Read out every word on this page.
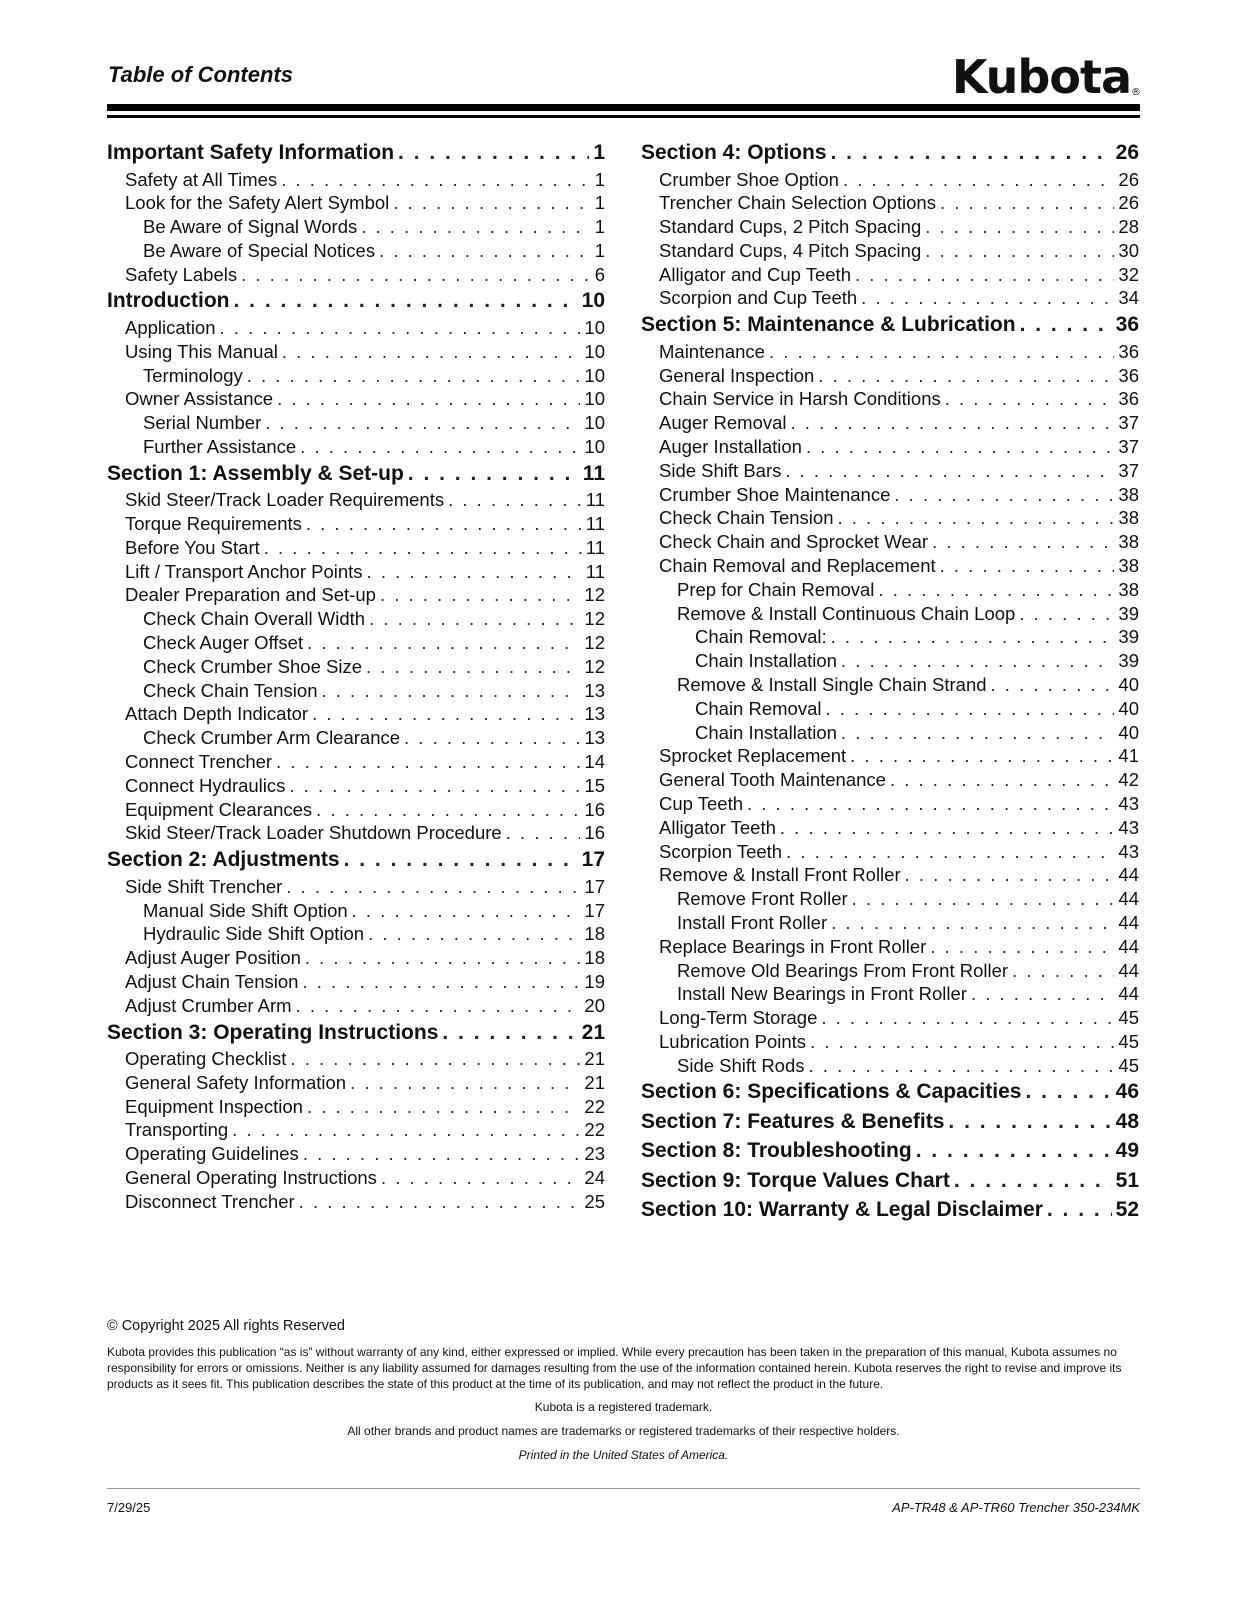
Table of Contents	Kubota®
Important Safety Information . . .	1
Safety at All Times . . .	1
Look for the Safety Alert Symbol . . .	1
Be Aware of Signal Words . . .	1
Be Aware of Special Notices . . .	1
Safety Labels . . .	6
Introduction . . .	10
Application . . .	10
Using This Manual . . .	10
Terminology . . .	10
Owner Assistance . . .	10
Serial Number . . .	10
Further Assistance . . .	10
Section 1: Assembly & Set-up . . .	11
Skid Steer/Track Loader Requirements . . .	11
Torque Requirements . . .	11
Before You Start . . .	11
Lift / Transport Anchor Points . . .	11
Dealer Preparation and Set-up . . .	12
Check Chain Overall Width . . .	12
Check Auger Offset . . .	12
Check Crumber Shoe Size . . .	12
Check Chain Tension . . .	13
Attach Depth Indicator . . .	13
Check Crumber Arm Clearance . . .	13
Connect Trencher . . .	14
Connect Hydraulics . . .	15
Equipment Clearances . . .	16
Skid Steer/Track Loader Shutdown Procedure . . .	16
Section 2: Adjustments . . .	17
Side Shift Trencher . . .	17
Manual Side Shift Option . . .	17
Hydraulic Side Shift Option . . .	18
Adjust Auger Position . . .	18
Adjust Chain Tension . . .	19
Adjust Crumber Arm . . .	20
Section 3: Operating Instructions . . .	21
Operating Checklist . . .	21
General Safety Information . . .	21
Equipment Inspection . . .	22
Transporting . . .	22
Operating Guidelines . . .	23
General Operating Instructions . . .	24
Disconnect Trencher . . .	25
Section 4: Options . . .	26
Crumber Shoe Option . . .	26
Trencher Chain Selection Options . . .	26
Standard Cups, 2 Pitch Spacing . . .	28
Standard Cups, 4 Pitch Spacing . . .	30
Alligator and Cup Teeth . . .	32
Scorpion and Cup Teeth . . .	34
Section 5: Maintenance & Lubrication . . .	36
Maintenance . . .	36
General Inspection . . .	36
Chain Service in Harsh Conditions . . .	36
Auger Removal . . .	37
Auger Installation . . .	37
Side Shift Bars . . .	37
Crumber Shoe Maintenance . . .	38
Check Chain Tension . . .	38
Check Chain and Sprocket Wear . . .	38
Chain Removal and Replacement . . .	38
Prep for Chain Removal . . .	38
Remove & Install Continuous Chain Loop . . .	39
Chain Removal: . . .	39
Chain Installation . . .	39
Remove & Install Single Chain Strand . . .	40
Chain Removal . . .	40
Chain Installation . . .	40
Sprocket Replacement . . .	41
General Tooth Maintenance . . .	42
Cup Teeth . . .	43
Alligator Teeth . . .	43
Scorpion Teeth . . .	43
Remove & Install Front Roller . . .	44
Remove Front Roller . . .	44
Install Front Roller . . .	44
Replace Bearings in Front Roller . . .	44
Remove Old Bearings From Front Roller . . .	44
Install New Bearings in Front Roller . . .	44
Long-Term Storage . . .	45
Lubrication Points . . .	45
Side Shift Rods . . .	45
Section 6: Specifications & Capacities . . .	46
Section 7: Features & Benefits . . .	48
Section 8: Troubleshooting . . .	49
Section 9: Torque Values Chart . . .	51
Section 10: Warranty & Legal Disclaimer . . .	52
© Copyright 2025 All rights Reserved
Kubota provides this publication “as is” without warranty of any kind, either expressed or implied. While every precaution has been taken in the preparation of this manual, Kubota assumes no responsibility for errors or omissions. Neither is any liability assumed for damages resulting from the use of the information contained herein. Kubota reserves the right to revise and improve its products as it sees fit. This publication describes the state of this product at the time of its publication, and may not reflect the product in the future.
Kubota is a registered trademark.
All other brands and product names are trademarks or registered trademarks of their respective holders.
Printed in the United States of America.
7/29/25	AP-TR48 & AP-TR60 Trencher 350-234MK
